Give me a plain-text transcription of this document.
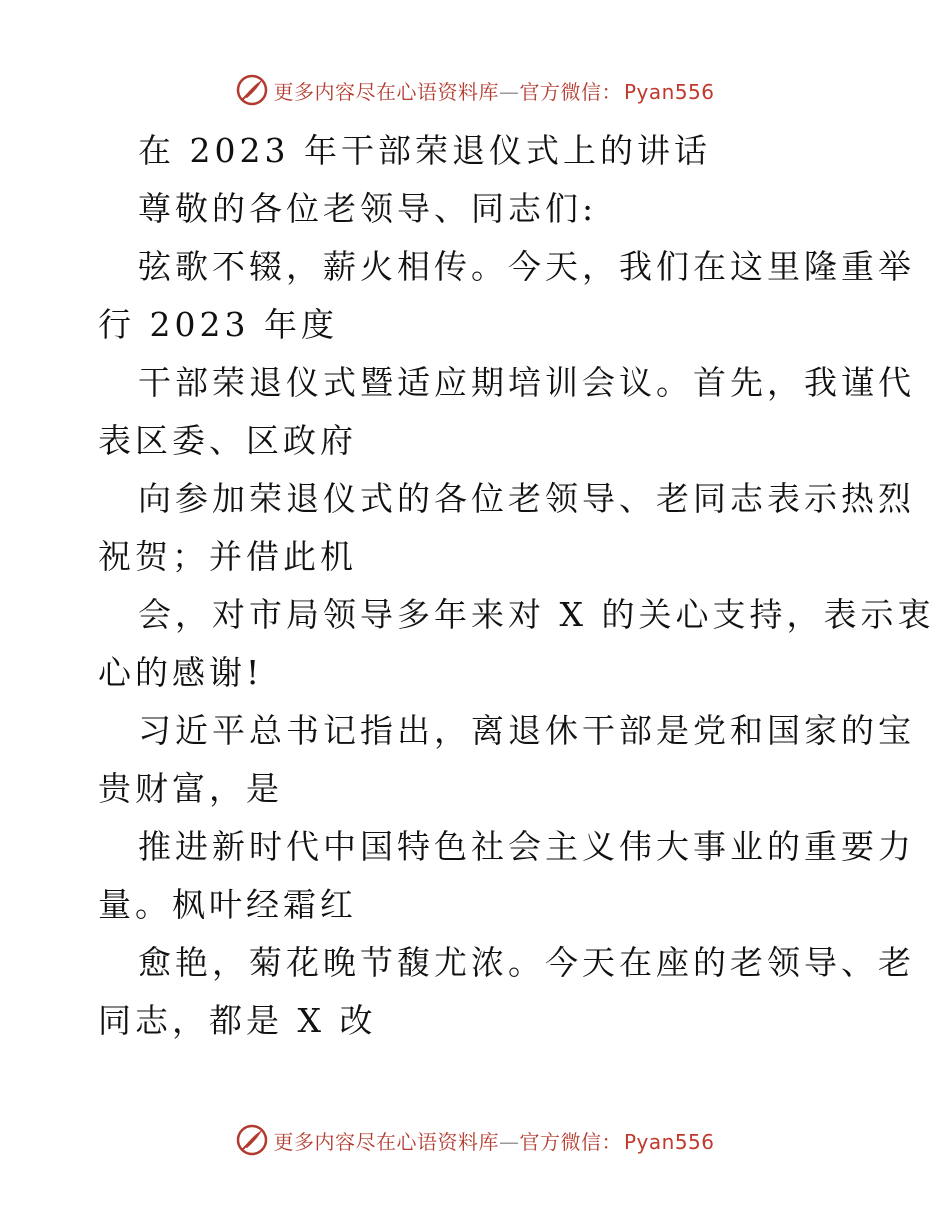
更多内容尽在心语资料库—官方微信： Pyan556
在 2023 年干部荣退仪式上的讲话
尊敬的各位老领导、同志们:
弦歌不辍，薪火相传。今天，我们在这里隆重举
行 2023 年度
干部荣退仪式暨适应期培训会议。首先，我谨代
表区委、区政府
向参加荣退仪式的各位老领导、老同志表示热烈
祝贺；并借此机
会，对市局领导多年来对 X 的关心支持，表示衷
心的感谢!
习近平总书记指出，离退休干部是党和国家的宝
贵财富，是
推进新时代中国特色社会主义伟大事业的重要力
量。枫叶经霜红
愈艳，菊花晚节馥尤浓。今天在座的老领导、老
同志，都是 X 改
更多内容尽在心语资料库—官方微信： Pyan556
